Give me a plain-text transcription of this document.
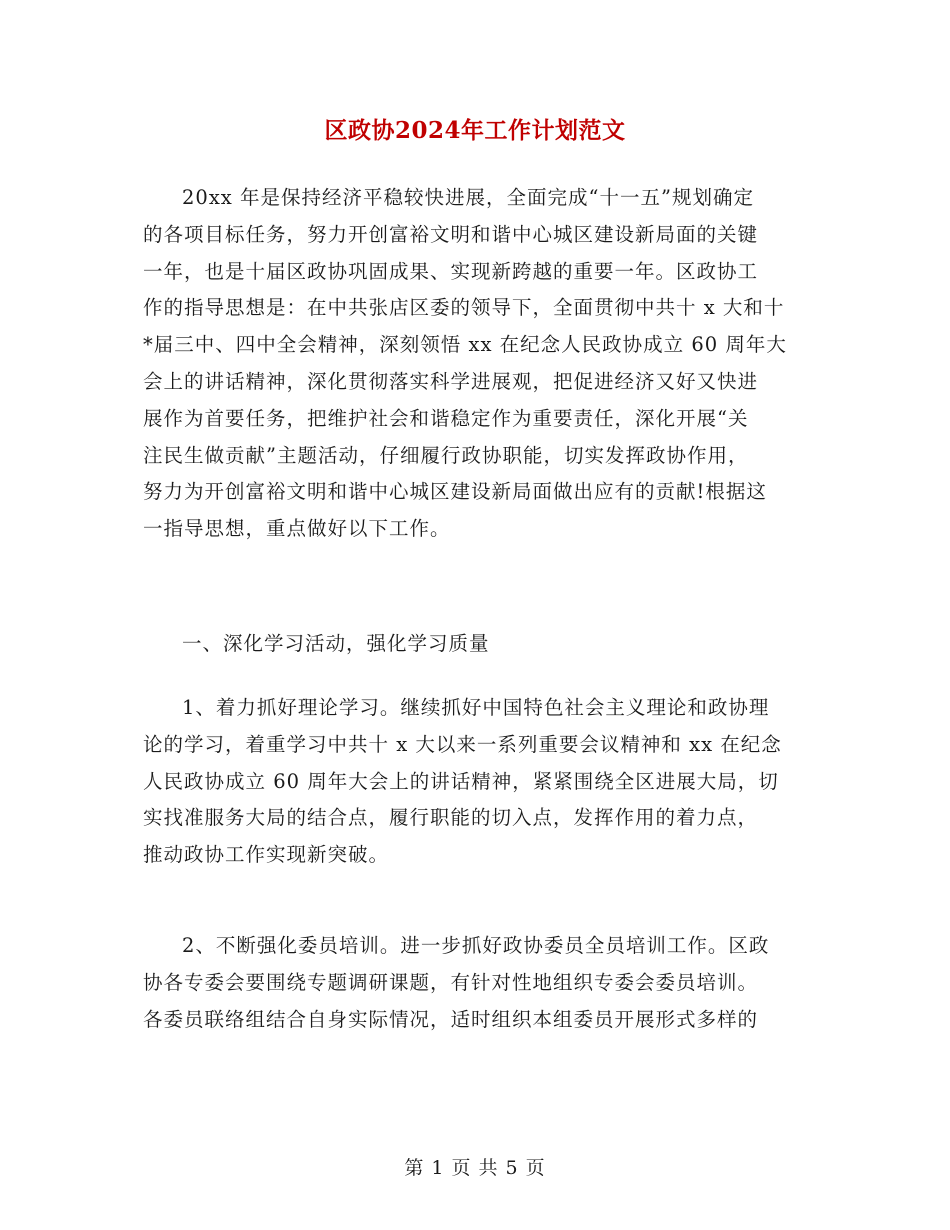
区政协2024年工作计划范文
20xx 年是保持经济平稳较快进展，全面完成“十一五”规划确定
的各项目标任务，努力开创富裕文明和谐中心城区建设新局面的关键
一年，也是十届区政协巩固成果、实现新跨越的重要一年。区政协工
作的指导思想是：在中共张店区委的领导下，全面贯彻中共十 x 大和十
*届三中、四中全会精神，深刻领悟 xx 在纪念人民政协成立 60 周年大
会上的讲话精神，深化贯彻落实科学进展观，把促进经济又好又快进
展作为首要任务，把维护社会和谐稳定作为重要责任，深化开展“关
注民生做贡献”主题活动，仔细履行政协职能，切实发挥政协作用，
努力为开创富裕文明和谐中心城区建设新局面做出应有的贡献!根据这
一指导思想，重点做好以下工作。
一、深化学习活动，强化学习质量
1、着力抓好理论学习。继续抓好中国特色社会主义理论和政协理
论的学习，着重学习中共十 x 大以来一系列重要会议精神和 xx 在纪念
人民政协成立 60 周年大会上的讲话精神，紧紧围绕全区进展大局，切
实找准服务大局的结合点，履行职能的切入点，发挥作用的着力点，
推动政协工作实现新突破。
2、不断强化委员培训。进一步抓好政协委员全员培训工作。区政
协各专委会要围绕专题调研课题，有针对性地组织专委会委员培训。
各委员联络组结合自身实际情况，适时组织本组委员开展形式多样的
第 1 页 共 5 页
